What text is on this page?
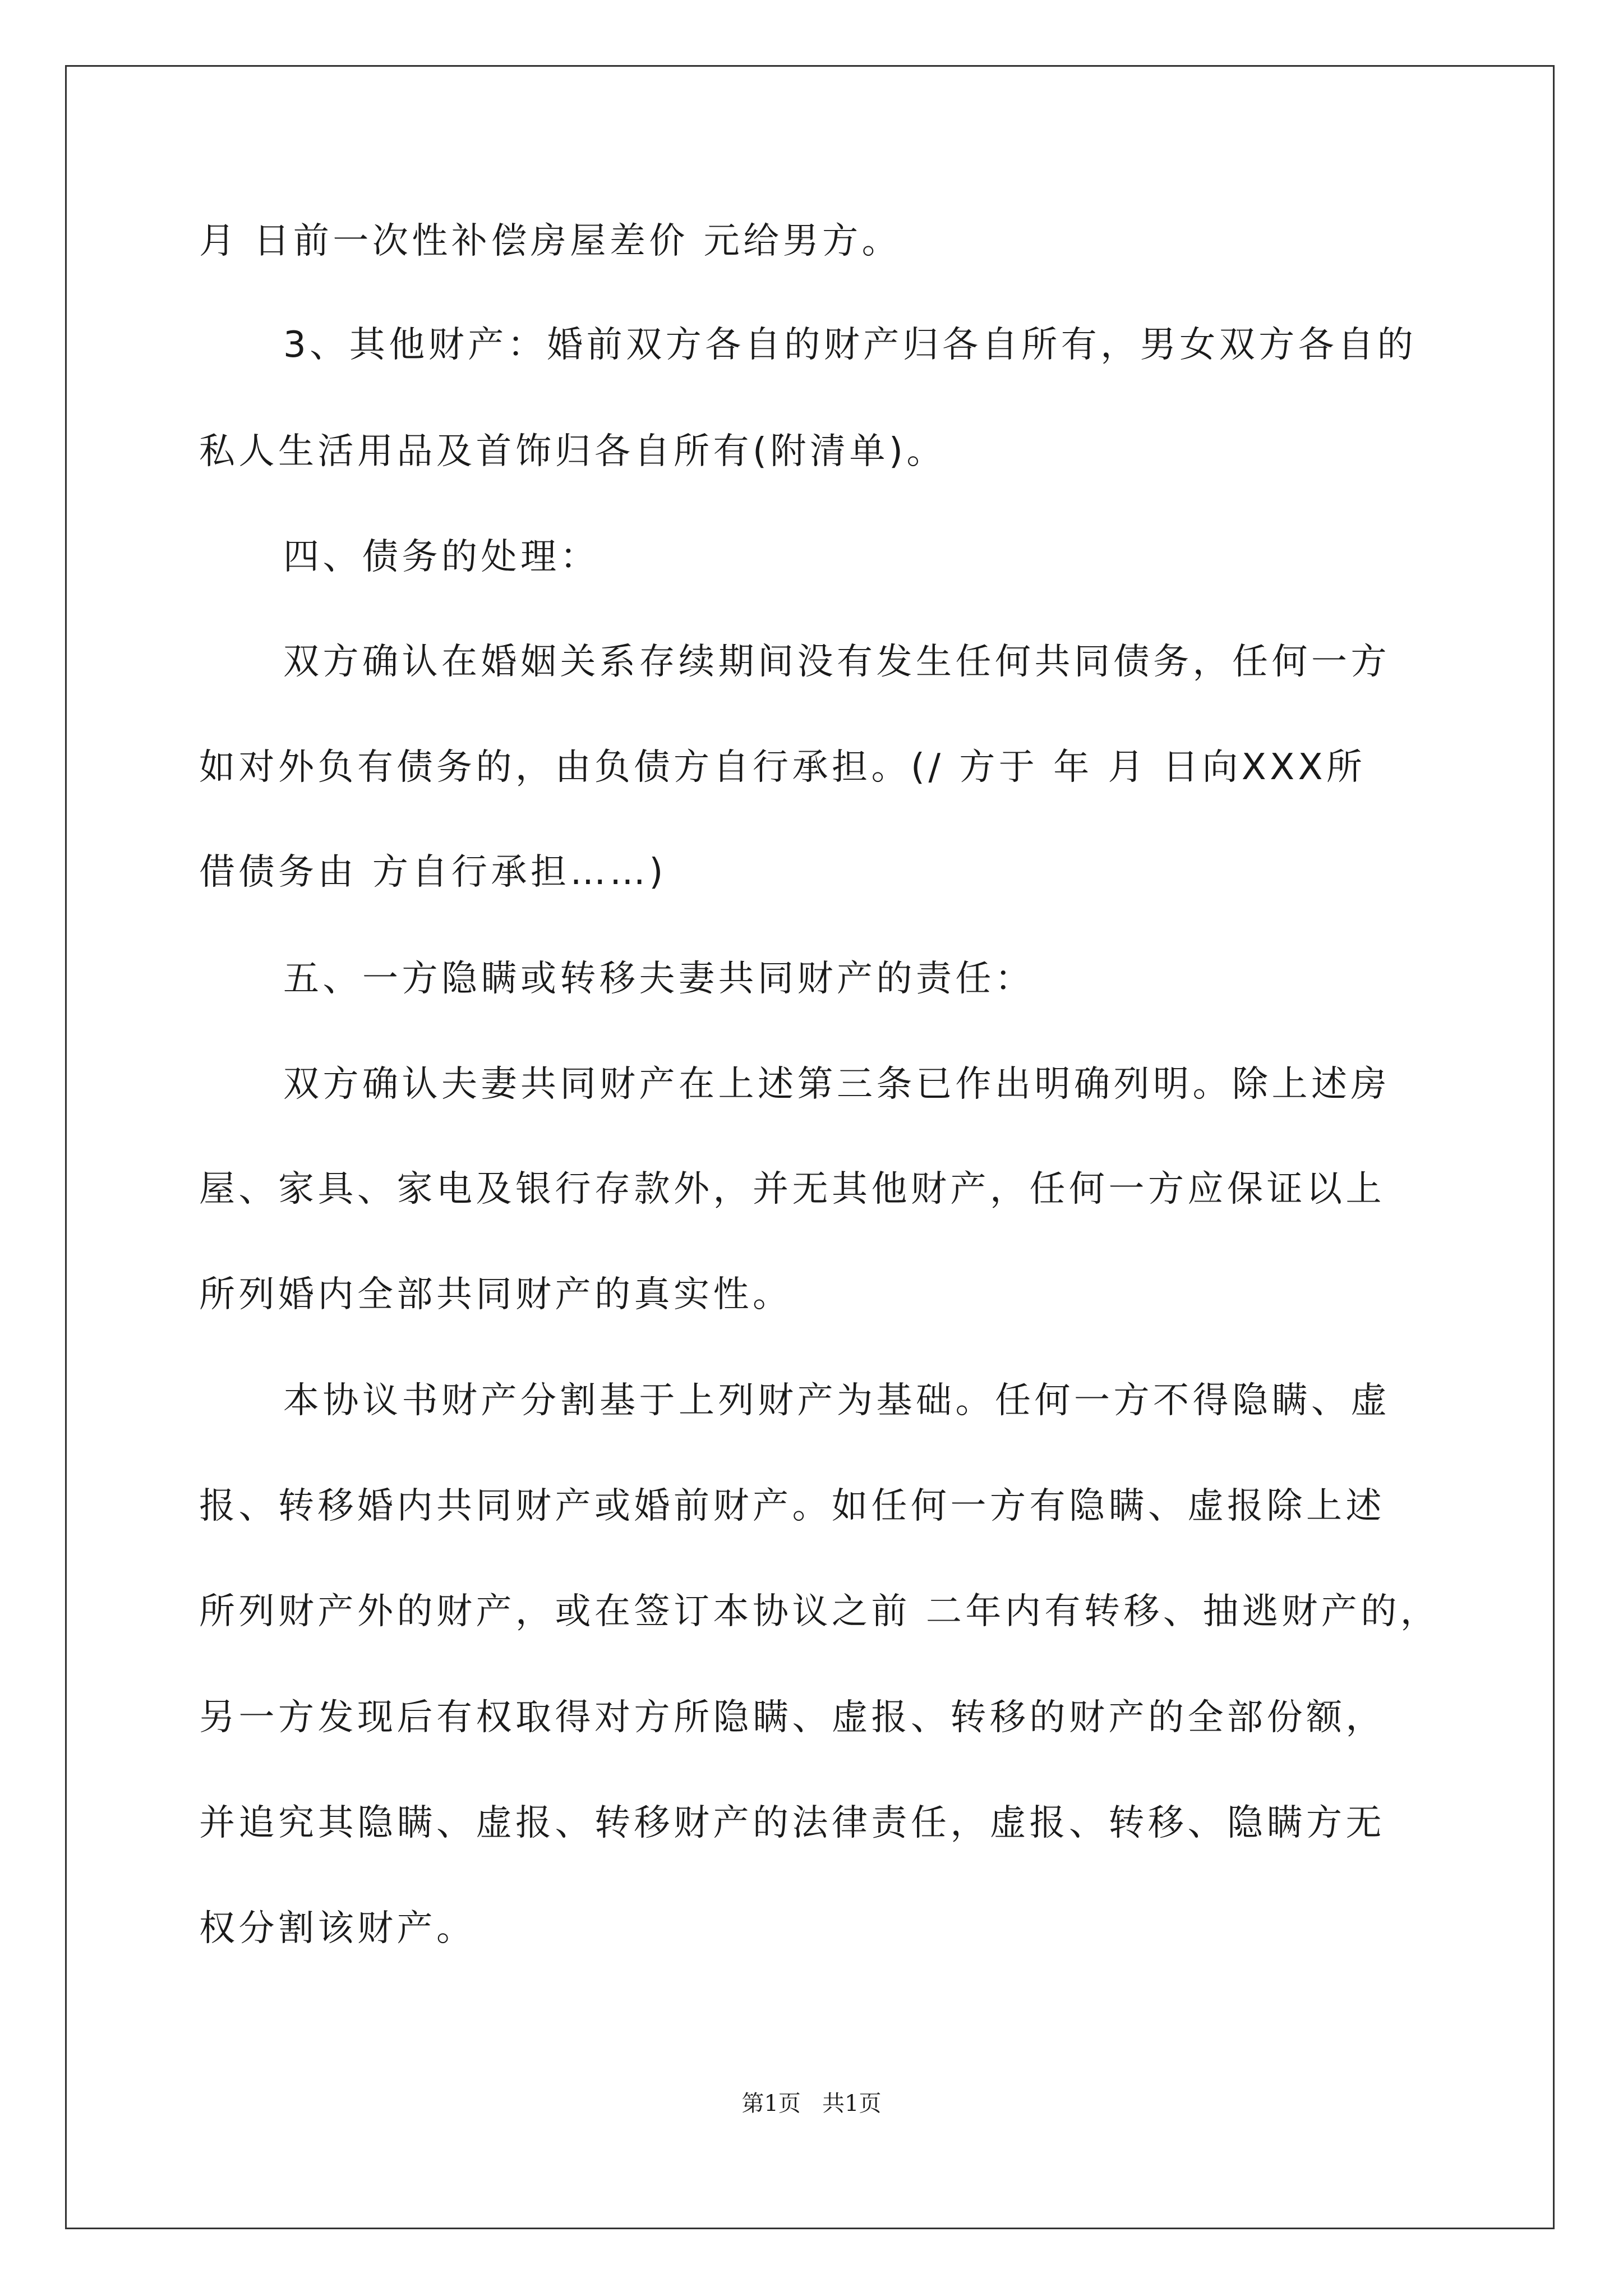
月 日前一次性补偿房屋差价 元给男方。

3、其他财产：婚前双方各自的财产归各自所有，男女双方各自的

私人生活用品及首饰归各自所有(附清单)。

四、债务的处理：

双方确认在婚姻关系存续期间没有发生任何共同债务，任何一方

如对外负有债务的，由负债方自行承担。(/ 方于 年 月 日向XXX所

借债务由 方自行承担……)

五、一方隐瞒或转移夫妻共同财产的责任：

双方确认夫妻共同财产在上述第三条已作出明确列明。除上述房

屋、家具、家电及银行存款外，并无其他财产，任何一方应保证以上

所列婚内全部共同财产的真实性。

本协议书财产分割基于上列财产为基础。任何一方不得隐瞒、虚

报、转移婚内共同财产或婚前财产。如任何一方有隐瞒、虚报除上述

所列财产外的财产，或在签订本协议之前 二年内有转移、抽逃财产的，

另一方发现后有权取得对方所隐瞒、虚报、转移的财产的全部份额，

并追究其隐瞒、虚报、转移财产的法律责任，虚报、转移、隐瞒方无

权分割该财产。

第1页   共1页
